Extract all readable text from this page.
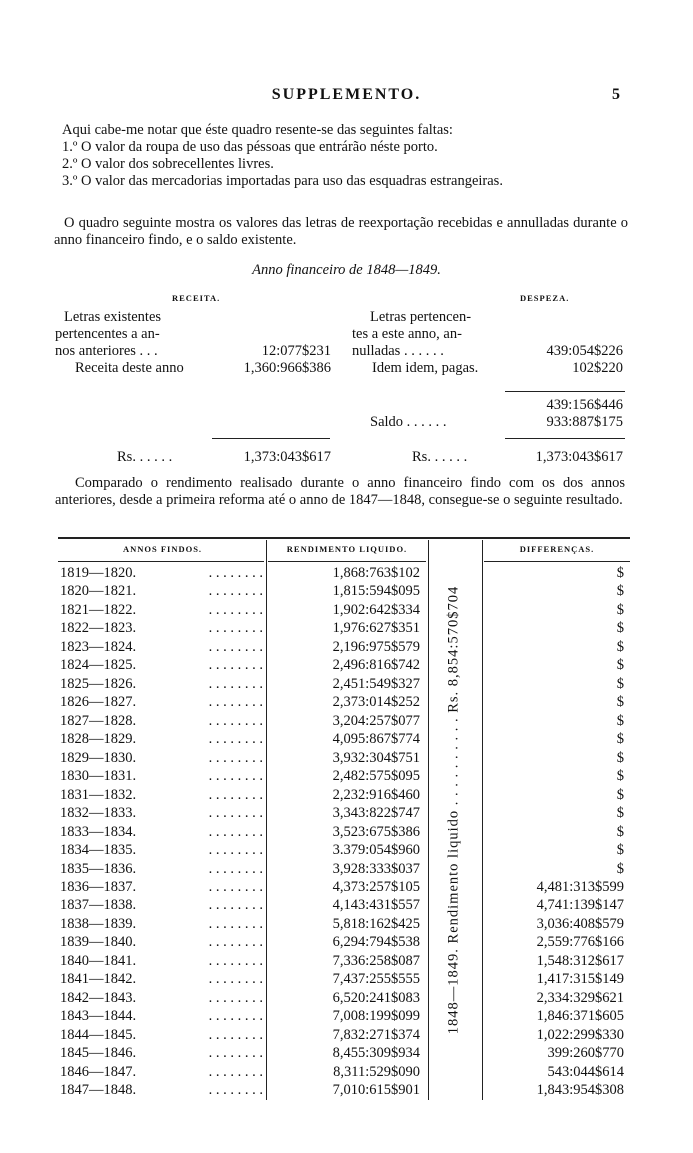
SUPPLEMENTO.	5
Aqui cabe-me notar que éste quadro resente-se das seguintes faltas:
1.º O valor da roupa de uso das péssoas que entrárão néste porto.
2.º O valor dos sobrecellentes livres.
3.º O valor das mercadorias importadas para uso das esquadras estrangeiras.
O quadro seguinte mostra os valores das letras de reexportação recebidas e annulladas durante o anno financeiro findo, e o saldo existente.
Anno financeiro de 1848—1849.
RECEITA.	DESPEZA.
Letras existentes
pertencentes a an-
nos anteriores . . .	12:077$231
Receita deste anno	1,360:966$386
Letras pertencen-
tes a este anno, an-
nulladas . . . . . .	439:054$226
Idem idem, pagas.	102$220
439:156$446
Saldo . . . . . .	933:887$175
Rs. . . . . .	1,373:043$617	Rs. . . . . .	1,373:043$617
Comparado o rendimento realisado durante o anno financeiro findo com os dos annos anteriores, desde a primeira reforma até o anno de 1847—1848, consegue-se o seguinte resultado.
ANNOS FINDOS.	RENDIMENTO LIQUIDO.	DIFFERENÇAS.
1848—1849. Rendimento liquido . . . . . . . . . . Rs. 8,854:570$704
1819—1820.	. . . . . . . .	1,868:763$102	$
1820—1821.	. . . . . . . .	1,815:594$095	$
1821—1822.	. . . . . . . .	1,902:642$334	$
1822—1823.	. . . . . . . .	1,976:627$351	$
1823—1824.	. . . . . . . .	2,196:975$579	$
1824—1825.	. . . . . . . .	2,496:816$742	$
1825—1826.	. . . . . . . .	2,451:549$327	$
1826—1827.	. . . . . . . .	2,373:014$252	$
1827—1828.	. . . . . . . .	3,204:257$077	$
1828—1829.	. . . . . . . .	4,095:867$774	$
1829—1830.	. . . . . . . .	3,932:304$751	$
1830—1831.	. . . . . . . .	2,482:575$095	$
1831—1832.	. . . . . . . .	2,232:916$460	$
1832—1833.	. . . . . . . .	3,343:822$747	$
1833—1834.	. . . . . . . .	3,523:675$386	$
1834—1835.	. . . . . . . .	3.379:054$960	$
1835—1836.	. . . . . . . .	3,928:333$037	$
1836—1837.	. . . . . . . .	4,373:257$105	4,481:313$599
1837—1838.	. . . . . . . .	4,143:431$557	4,741:139$147
1838—1839.	. . . . . . . .	5,818:162$425	3,036:408$579
1839—1840.	. . . . . . . .	6,294:794$538	2,559:776$166
1840—1841.	. . . . . . . .	7,336:258$087	1,548:312$617
1841—1842.	. . . . . . . .	7,437:255$555	1,417:315$149
1842—1843.	. . . . . . . .	6,520:241$083	2,334:329$621
1843—1844.	. . . . . . . .	7,008:199$099	1,846:371$605
1844—1845.	. . . . . . . .	7,832:271$374	1,022:299$330
1845—1846.	. . . . . . . .	8,455:309$934	399:260$770
1846—1847.	. . . . . . . .	8,311:529$090	543:044$614
1847—1848.	. . . . . . . .	7,010:615$901	1,843:954$308
